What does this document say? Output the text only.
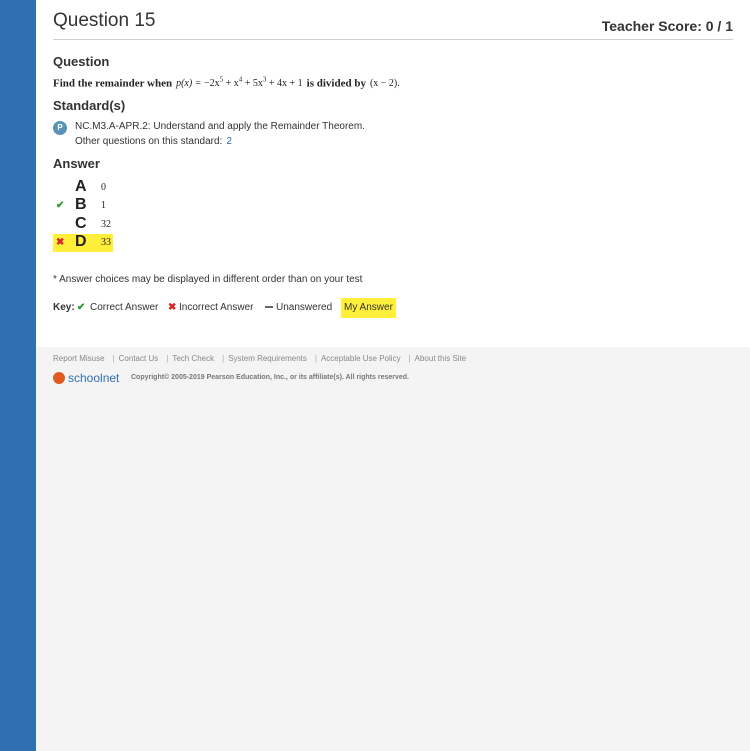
Question 15	Teacher Score: 0 / 1
Question
Find the remainder when $p(x) = -2x^5 + x^4 + 5x^3 + 4x + 1$ is divided by (x − 2).
Standard(s)
P	NC.M3.A-APR.2: Understand and apply the Remainder Theorem.
Other questions on this standard: 2
Answer
A 0
✔ B 1
C 32
✖ D 33
* Answer choices may be displayed in different order than on your test
Key: ✔ Correct Answer ✖ Incorrect Answer	Unanswered	My Answer
Report Misuse | Contact Us | Tech Check | System Requirements | Acceptable Use Policy | About this Site
schoolnet Copyright© 2005-2019 Pearson Education, Inc., or its affiliate(s). All rights reserved.
